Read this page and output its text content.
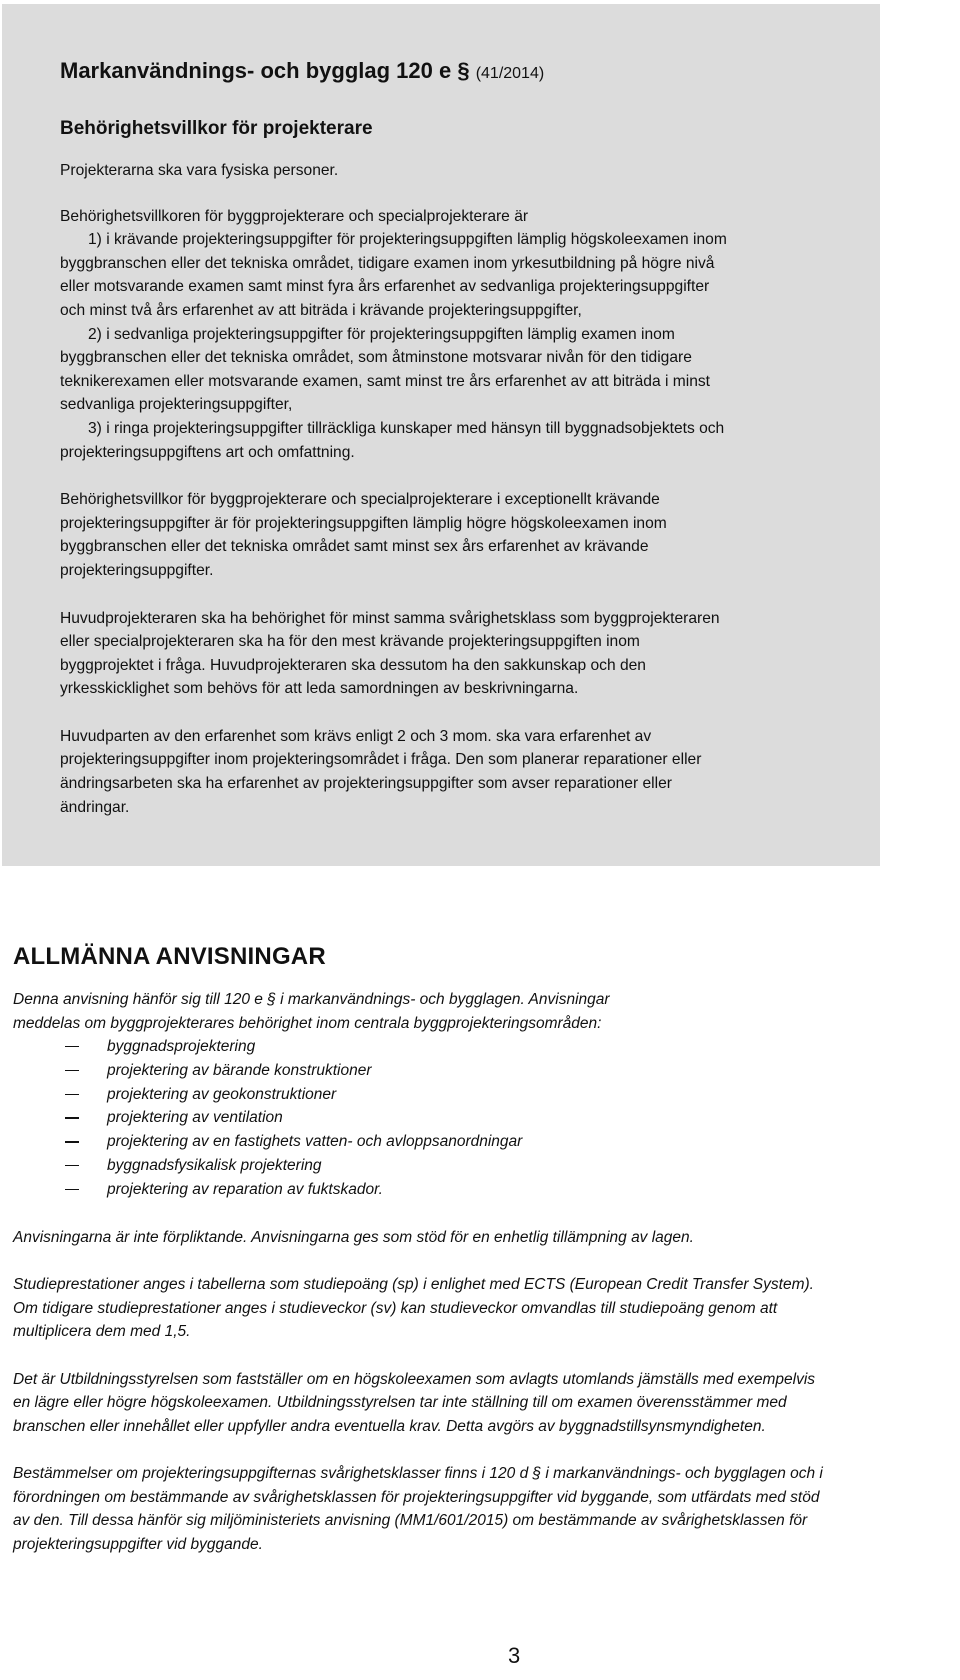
Markanvändnings- och bygglag 120 e § (41/2014)
Behörighetsvillkor för projekterare

Projekterarna ska vara fysiska personer.

Behörighetsvillkoren för byggprojekterare och specialprojekterare är

1) i krävande projekteringsuppgifter för projekteringsuppgiften lämplig högskoleexamen inom

byggbranschen eller det tekniska området, tidigare examen inom yrkesutbildning på högre nivå

eller motsvarande examen samt minst fyra års erfarenhet av sedvanliga projekteringsuppgifter

och minst två års erfarenhet av att biträda i krävande projekteringsuppgifter,

2) i sedvanliga projekteringsuppgifter för projekteringsuppgiften lämplig examen inom

byggbranschen eller det tekniska området, som åtminstone motsvarar nivån för den tidigare

teknikerexamen eller motsvarande examen, samt minst tre års erfarenhet av att biträda i minst

sedvanliga projekteringsuppgifter,

3) i ringa projekteringsuppgifter tillräckliga kunskaper med hänsyn till byggnadsobjektets och

projekteringsuppgiftens art och omfattning.

Behörighetsvillkor för byggprojekterare och specialprojekterare i exceptionellt krävande

projekteringsuppgifter är för projekteringsuppgiften lämplig högre högskoleexamen inom

byggbranschen eller det tekniska området samt minst sex års erfarenhet av krävande

projekteringsuppgifter.

Huvudprojekteraren ska ha behörighet för minst samma svårighetsklass som byggprojekteraren

eller specialprojekteraren ska ha för den mest krävande projekteringsuppgiften inom

byggprojektet i fråga. Huvudprojekteraren ska dessutom ha den sakkunskap och den

yrkesskicklighet som behövs för att leda samordningen av beskrivningarna.

Huvudparten av den erfarenhet som krävs enligt 2 och 3 mom. ska vara erfarenhet av

projekteringsuppgifter inom projekteringsområdet i fråga. Den som planerar reparationer eller

ändringsarbeten ska ha erfarenhet av projekteringsuppgifter som avser reparationer eller

ändringar.

ALLMÄNNA ANVISNINGAR

Denna anvisning hänför sig till 120 e § i markanvändnings- och bygglagen. Anvisningar

meddelas om byggprojekterares behörighet inom centrala byggprojekteringsområden:

byggnadsprojektering
projektering av bärande konstruktioner
projektering av geokonstruktioner
projektering av ventilation
projektering av en fastighets vatten- och avloppsanordningar
byggnadsfysikalisk projektering
projektering av reparation av fuktskador.

Anvisningarna är inte förpliktande. Anvisningarna ges som stöd för en enhetlig tillämpning av lagen.

Studieprestationer anges i tabellerna som studiepoäng (sp) i enlighet med ECTS (European Credit Transfer System).

Om tidigare studieprestationer anges i studieveckor (sv) kan studieveckor omvandlas till studiepoäng genom att

multiplicera dem med 1,5.

Det är Utbildningsstyrelsen som fastställer om en högskoleexamen som avlagts utomlands jämställs med exempelvis

en lägre eller högre högskoleexamen. Utbildningsstyrelsen tar inte ställning till om examen överensstämmer med

branschen eller innehållet eller uppfyller andra eventuella krav. Detta avgörs av byggnadstillsynsmyndigheten.

Bestämmelser om projekteringsuppgifternas svårighetsklasser finns i 120 d § i markanvändnings- och bygglagen och i

förordningen om bestämmande av svårighetsklassen för projekteringsuppgifter vid byggande, som utfärdats med stöd

av den. Till dessa hänför sig miljöministeriets anvisning (MM1/601/2015) om bestämmande av svårighetsklassen för

projekteringsuppgifter vid byggande.

3
